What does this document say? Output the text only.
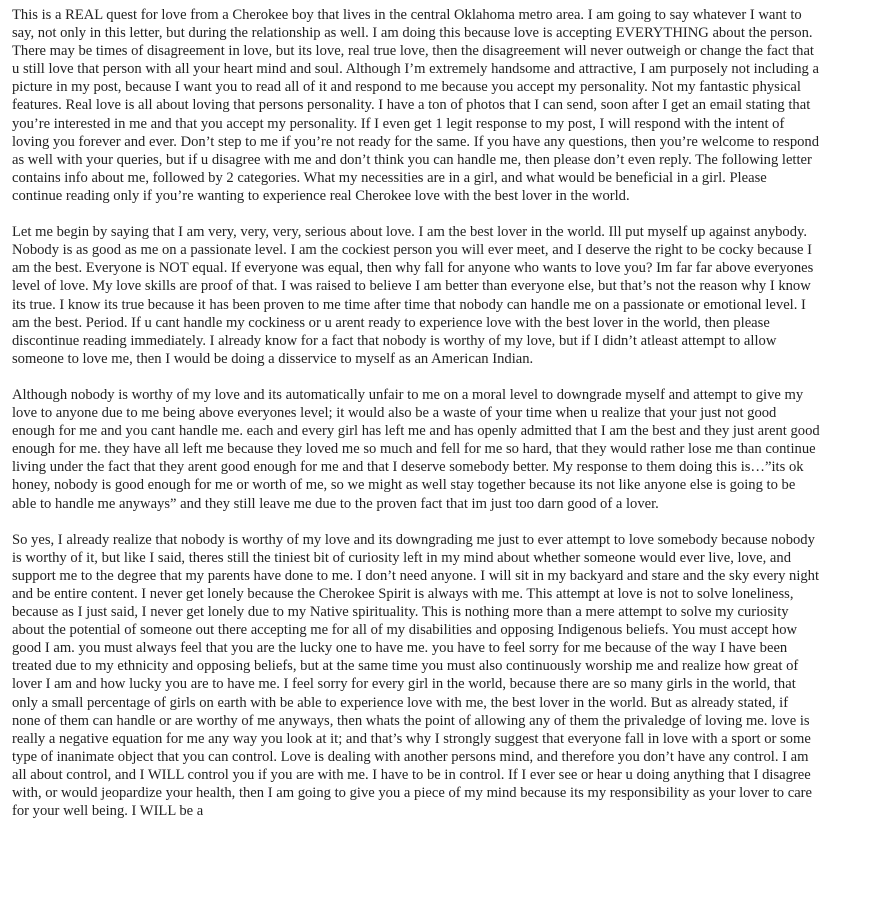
This is a REAL quest for love from a Cherokee boy that lives in the central Oklahoma metro area. I am going to say whatever I want to say, not only in this letter, but during the relationship as well. I am doing this because love is accepting EVERYTHING about the person. There may be times of disagreement in love, but its love, real true love, then the disagreement will never outweigh or change the fact that u still love that person with all your heart mind and soul. Although I’m extremely handsome and attractive, I am purposely not including a picture in my post, because I want you to read all of it and respond to me because you accept my personality. Not my fantastic physical features. Real love is all about loving that persons personality. I have a ton of photos that I can send, soon after I get an email stating that you’re interested in me and that you accept my personality. If I even get 1 legit response to my post, I will respond with the intent of loving you forever and ever. Don’t step to me if you’re not ready for the same. If you have any questions, then you’re welcome to respond as well with your queries, but if u disagree with me and don’t think you can handle me, then please don’t even reply. The following letter contains info about me, followed by 2 categories. What my necessities are in a girl, and what would be beneficial in a girl. Please continue reading only if you’re wanting to experience real Cherokee love with the best lover in the world.

Let me begin by saying that I am very, very, very, serious about love. I am the best lover in the world. Ill put myself up against anybody. Nobody is as good as me on a passionate level. I am the cockiest person you will ever meet, and I deserve the right to be cocky because I am the best. Everyone is NOT equal. If everyone was equal, then why fall for anyone who wants to love you? Im far far above everyones level of love. My love skills are proof of that. I was raised to believe I am better than everyone else, but that’s not the reason why I know its true. I know its true because it has been proven to me time after time that nobody can handle me on a passionate or emotional level. I am the best. Period. If u cant handle my cockiness or u arent ready to experience love with the best lover in the world, then please discontinue reading immediately. I already know for a fact that nobody is worthy of my love, but if I didn’t atleast attempt to allow someone to love me, then I would be doing a disservice to myself as an American Indian.

Although nobody is worthy of my love and its automatically unfair to me on a moral level to downgrade myself and attempt to give my love to anyone due to me being above everyones level; it would also be a waste of your time when u realize that your just not good enough for me and you cant handle me. each and every girl has left me and has openly admitted that I am the best and they just arent good enough for me. they have all left me because they loved me so much and fell for me so hard, that they would rather lose me than continue living under the fact that they arent good enough for me and that I deserve somebody better. My response to them doing this is…”its ok honey, nobody is good enough for me or worth of me, so we might as well stay together because its not like anyone else is going to be able to handle me anyways” and they still leave me due to the proven fact that im just too darn good of a lover.

So yes, I already realize that nobody is worthy of my love and its downgrading me just to ever attempt to love somebody because nobody is worthy of it, but like I said, theres still the tiniest bit of curiosity left in my mind about whether someone would ever live, love, and support me to the degree that my parents have done to me. I don’t need anyone. I will sit in my backyard and stare and the sky every night and be entire content. I never get lonely because the Cherokee Spirit is always with me. This attempt at love is not to solve loneliness, because as I just said, I never get lonely due to my Native spirituality. This is nothing more than a mere attempt to solve my curiosity about the potential of someone out there accepting me for all of my disabilities and opposing Indigenous beliefs. You must accept how good I am. you must always feel that you are the lucky one to have me. you have to feel sorry for me because of the way I have been treated due to my ethnicity and opposing beliefs, but at the same time you must also continuously worship me and realize how great of lover I am and how lucky you are to have me. I feel sorry for every girl in the world, because there are so many girls in the world, that only a small percentage of girls on earth with be able to experience love with me, the best lover in the world. But as already stated, if none of them can handle or are worthy of me anyways, then whats the point of allowing any of them the privaledge of loving me. love is really a negative equation for me any way you look at it; and that’s why I strongly suggest that everyone fall in love with a sport or some type of inanimate object that you can control. Love is dealing with another persons mind, and therefore you don’t have any control. I am all about control, and I WILL control you if you are with me. I have to be in control. If I ever see or hear u doing anything that I disagree with, or would jeopardize your health, then I am going to give you a piece of my mind because its my responsibility as your lover to care for your well being. I WILL be a
